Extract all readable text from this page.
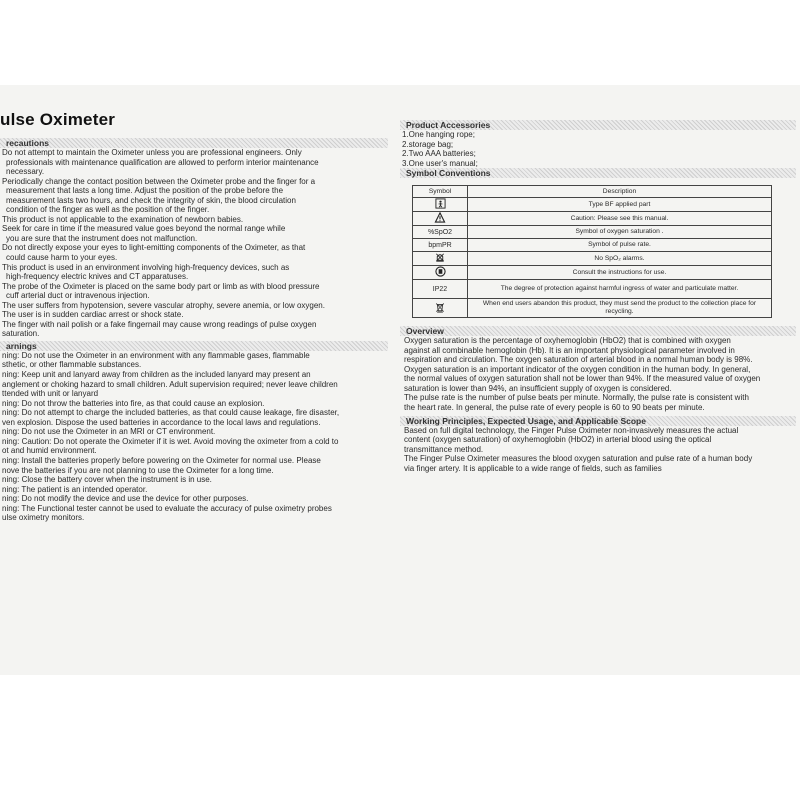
ulse Oximeter
recautions
Do not attempt to maintain the Oximeter unless you are professional engineers. Only
professionals with maintenance qualification are allowed to perform interior maintenance
necessary.
Periodically change the contact position between the Oximeter probe and the finger for a
measurement that lasts a long time. Adjust the position of the probe before the
measurement lasts two hours, and check the integrity of skin, the blood circulation
condition of the finger as well as the position of the finger.
This product is not applicable to the examination of newborn babies.
Seek for care in time if the measured value goes beyond the normal range while
you are sure that the instrument does not malfunction.
Do not directly expose your eyes to light-emitting components of the Oximeter, as that
could cause harm to your eyes.
This product is used in an environment involving high-frequency devices, such as
high-frequency electric knives and CT apparatuses.
The probe of the Oximeter is placed on the same body part or limb as with blood pressure
cuff arterial duct or intravenous injection.
The user suffers from hypotension, severe vascular atrophy, severe anemia, or low oxygen.
The user is in sudden cardiac arrest or shock state.
The finger with nail polish or a fake fingernail may cause wrong readings of pulse oxygen
saturation.
arnings
ning: Do not use the Oximeter in an environment with any flammable gases, flammable
sthetic, or other flammable substances.
ning: Keep unit and lanyard away from children as the included lanyard may present an
anglement or choking hazard to small children. Adult supervision required; never leave children
ttended with unit or lanyard
ning: Do not throw the batteries into fire, as that could cause an explosion.
ning: Do not attempt to charge the included batteries, as that could cause leakage, fire disaster,
ven explosion. Dispose the used batteries in accordance to the local laws and regulations.
ning: Do not use the Oximeter in an MRI or CT environment.
ning: Caution: Do not operate the Oximeter if it is wet. Avoid moving the oximeter from a cold to
ot and humid environment.
ning: Install the batteries properly before powering on the Oximeter for normal use. Please
nove the batteries if you are not planning to use the Oximeter for a long time.
ning: Close the battery cover when the instrument is in use.
ning: The patient is an intended operator.
ning: Do not modify the device and use the device for other purposes.
ning: The Functional tester cannot be used to evaluate the accuracy of pulse oximetry probes
ulse oximetry monitors.
Product Accessories
1.One hanging rope;
2.storage bag;
2.Two AAA batteries;
3.One user's manual;
Symbol Conventions
Symbol	Description
	Type BF applied part
	Caution: Please see this manual.
%SpO2	Symbol of oxygen saturation .
bpmPR	Symbol of pulse rate.
	No SpO₂ alarms.
	Consult the instructions for use.
IP22	The degree of protection against harmful ingress of water and particulate matter.
	When end users abandon this product, they must send the product to the collection place for recycling.
Overview
Oxygen saturation is the percentage of oxyhemoglobin (HbO2) that is combined with oxygen
against all combinable hemoglobin (Hb). It is an important physiological parameter involved in
respiration and circulation. The oxygen saturation of arterial blood in a normal human body is 98%.
Oxygen saturation is an important indicator of the oxygen condition in the human body. In general,
the normal values of oxygen saturation shall not be lower than 94%. If the measured value of oxygen
saturation is lower than 94%, an insufficient supply of oxygen is considered.
The pulse rate is the number of pulse beats per minute. Normally, the pulse rate is consistent with
the heart rate. In general, the pulse rate of every people is 60 to 90 beats per minute.
Working Principles, Expected Usage, and Applicable Scope
Based on full digital technology, the Finger Pulse Oximeter non-invasively measures the actual
content (oxygen saturation) of oxyhemoglobin (HbO2) in arterial blood using the optical
transmittance method.
The Finger Pulse Oximeter measures the blood oxygen saturation and pulse rate of a human body
via finger artery. It is applicable to a wide range of fields, such as families
